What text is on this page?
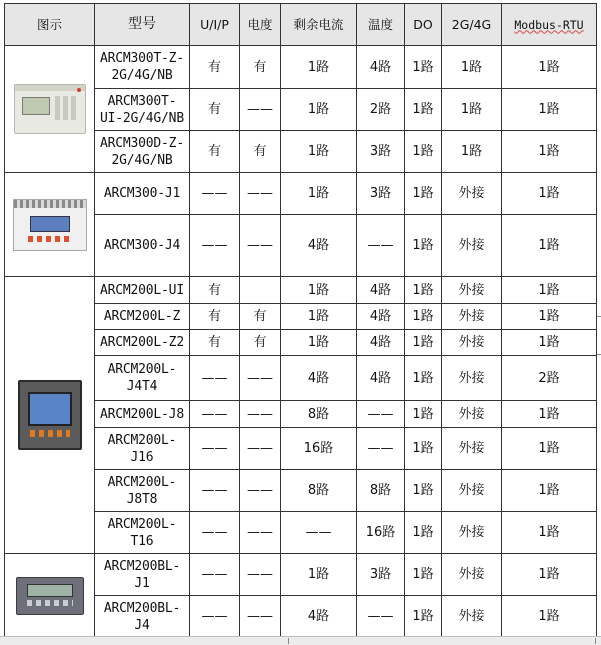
图示	型号	U/I/P	电度	剩余电流	温度	DO	2G/4G	Modbus-RTU

	ARCM300T-Z-2G/4G/NB	有	有	1路	4路	1路	1路	1路
	ARCM300T-UI-2G/4G/NB	有	——	1路	2路	1路	1路	1路
	ARCM300D-Z-2G/4G/NB	有	有	1路	3路	1路	1路	1路

	ARCM300-J1	——	——	1路	3路	1路	外接	1路
	ARCM300-J4	——	——	4路	——	1路	外接	1路

	ARCM200L-UI	有		1路	4路	1路	外接	1路
	ARCM200L-Z	有	有	1路	4路	1路	外接	1路
	ARCM200L-Z2	有	有	1路	4路	1路	外接	1路
	ARCM200L-J4T4	——	——	4路	4路	1路	外接	2路
	ARCM200L-J8	——	——	8路	——	1路	外接	1路
	ARCM200L-J16	——	——	16路	——	1路	外接	1路
	ARCM200L-J8T8	——	——	8路	8路	1路	外接	1路
	ARCM200L-T16	——	——	——	16路	1路	外接	1路

	ARCM200BL-J1	——	——	1路	3路	1路	外接	1路
	ARCM200BL-J4	——	——	4路	——	1路	外接	1路
